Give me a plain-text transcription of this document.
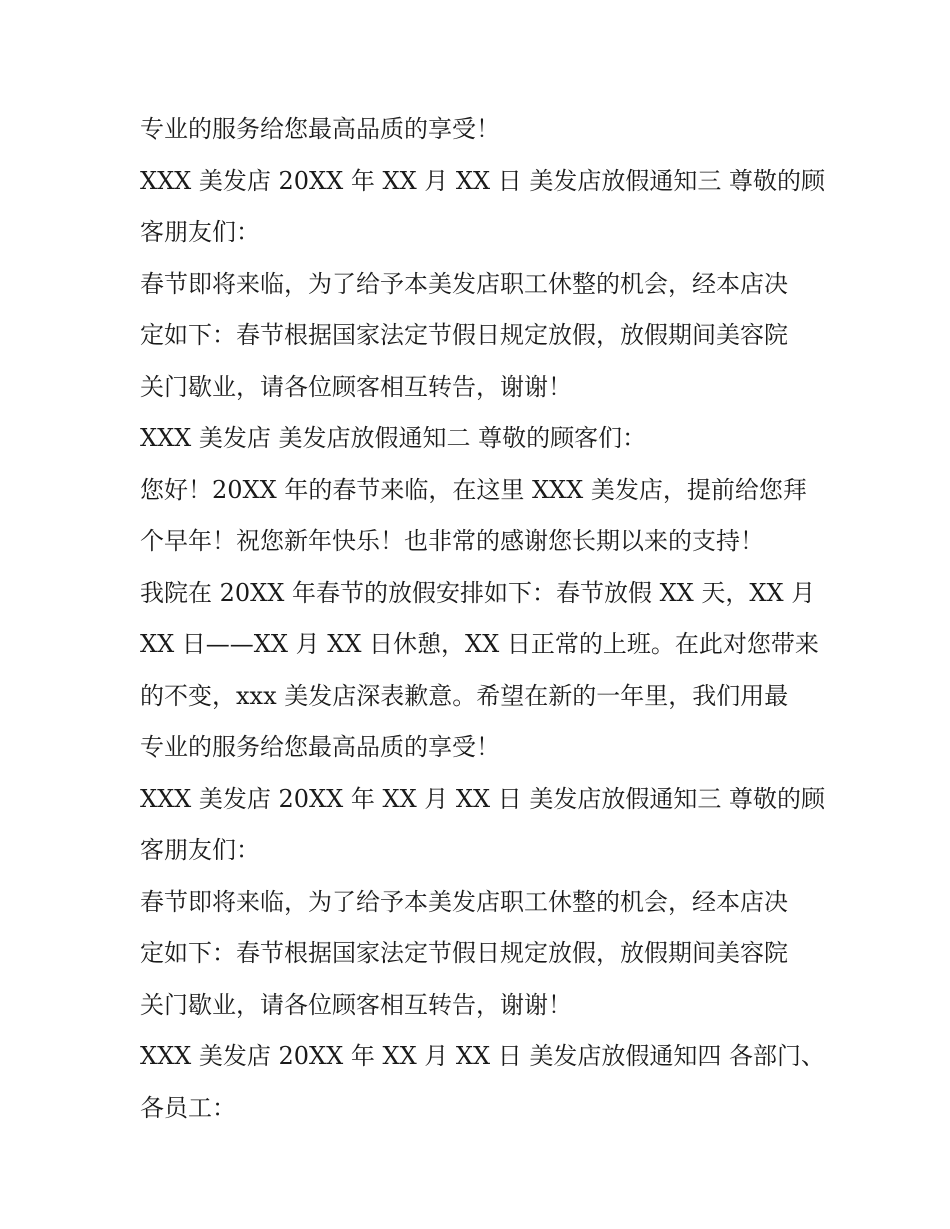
专业的服务给您最高品质的享受！
XXX 美发店 20XX 年 XX 月 XX 日 美发店放假通知三 尊敬的顾
客朋友们：
春节即将来临，为了给予本美发店职工休整的机会，经本店决
定如下：春节根据国家法定节假日规定放假，放假期间美容院
关门歇业，请各位顾客相互转告，谢谢！
XXX 美发店 美发店放假通知二 尊敬的顾客们：
您好！20XX 年的春节来临，在这里 XXX 美发店，提前给您拜
个早年！祝您新年快乐！也非常的感谢您长期以来的支持！
我院在 20XX 年春节的放假安排如下：春节放假 XX 天，XX 月
XX 日——XX 月 XX 日休憩，XX 日正常的上班。在此对您带来
的不变，xxx 美发店深表歉意。希望在新的一年里，我们用最
专业的服务给您最高品质的享受！
XXX 美发店 20XX 年 XX 月 XX 日 美发店放假通知三 尊敬的顾
客朋友们：
春节即将来临，为了给予本美发店职工休整的机会，经本店决
定如下：春节根据国家法定节假日规定放假，放假期间美容院
关门歇业，请各位顾客相互转告，谢谢！
XXX 美发店 20XX 年 XX 月 XX 日 美发店放假通知四 各部门、
各员工：
